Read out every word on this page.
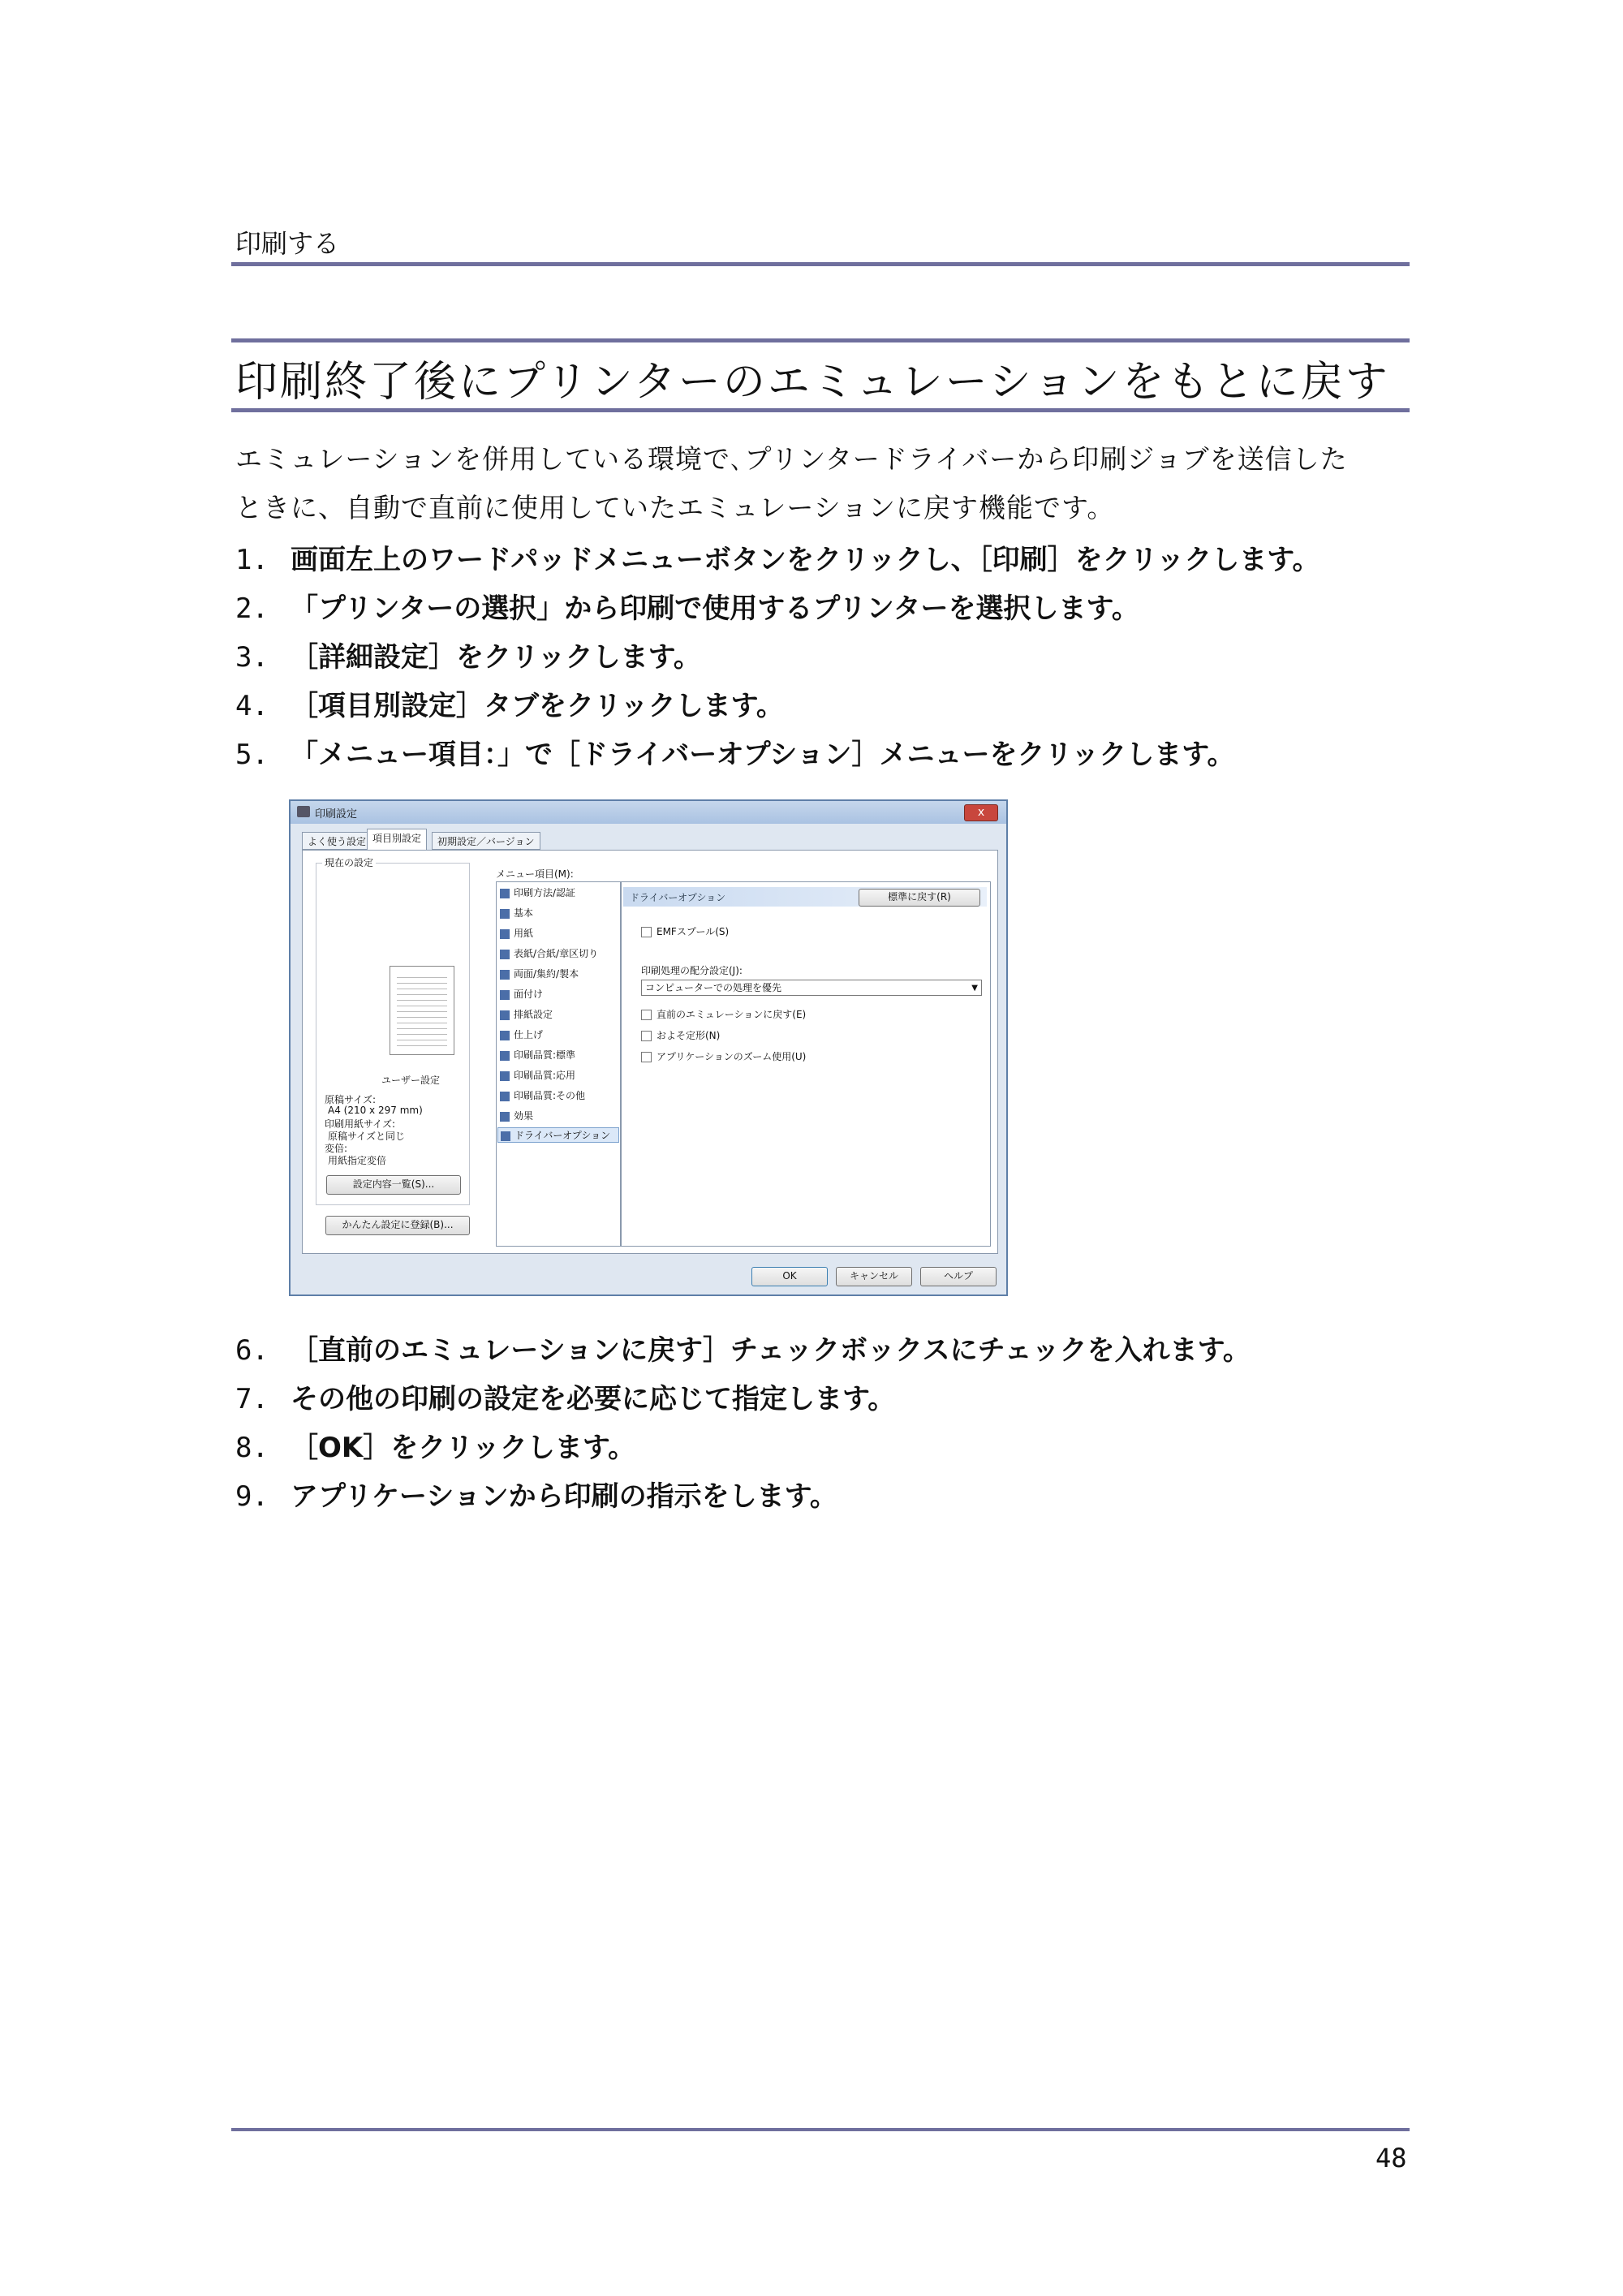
印刷する
印刷終了後にプリンターのエミュレーションをもとに戻す
エミュレーションを併用している環境で､プリンタードライバーから印刷ジョブを送信した
ときに、自動で直前に使用していたエミュレーションに戻す機能です。
1. 画面左上のワードパッドメニューボタンをクリックし、［印刷］をクリックします。
2. 「プリンターの選択」から印刷で使用するプリンターを選択します。
3. ［詳細設定］をクリックします。
4. ［項目別設定］タブをクリックします。
5. 「メニュー項目：」で［ドライバーオプション］メニューをクリックします。
印刷設定	x
よく使う設定 項目別設定	初期設定／バージョン
ユーザー設定
原稿サイズ:
A4 (210 x 297 mm)
印刷用紙サイズ:
原稿サイズと同じ
変倍:
用紙指定変倍
設定内容一覧(S)...
現在の設定
かんたん設定に登録(B)...
メニュー項目(M):
印刷方法/認証
基本
用紙
表紙/合紙/章区切り
両面/集約/製本
面付け
排紙設定
仕上げ
印刷品質:標準
印刷品質:応用
印刷品質:その他
効果
ドライバーオプション
ドライバーオプション	標準に戻す(R)
EMFスプール(S)
印刷処理の配分設定(J):
コンピューターでの処理を優先	▼
直前のエミュレーションに戻す(E)
およそ定形(N)
アプリケーションのズーム使用(U)
OK	キャンセル	ヘルプ
6. ［直前のエミュレーションに戻す］チェックボックスにチェックを入れます。
7. その他の印刷の設定を必要に応じて指定します。
8. ［OK］をクリックします。
9. アプリケーションから印刷の指示をします。
48
